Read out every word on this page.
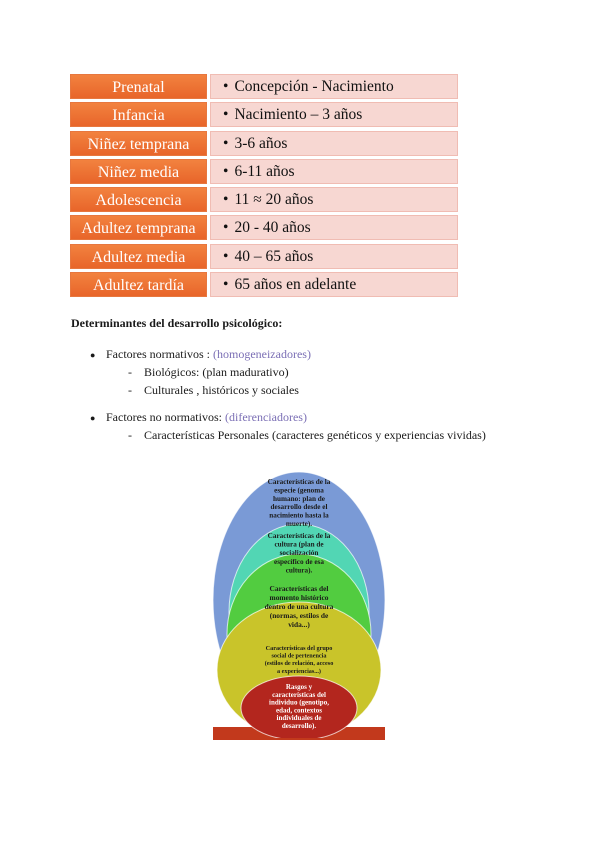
Prenatal	• Concepción - Nacimiento
Infancia	• Nacimiento – 3 años
Niñez temprana	• 3-6 años
Niñez media	• 6-11 años
Adolescencia	• 11 ≈ 20 años
Adultez temprana	• 20 - 40 años
Adultez media	• 40 – 65 años
Adultez tardía	• 65 años en adelante
Determinantes del desarrollo psicológico:
● Factores normativos : (homogeneizadores)
-	Biológicos: (plan madurativo)
-	Culturales , históricos y sociales
● Factores no normativos: (diferenciadores)
-	Características Personales (caracteres genéticos y experiencias vividas)
Características de la especie (genoma humano: plan de desarrollo desde el nacimiento hasta la muerte).
Características de la cultura (plan de socialización específico de esa cultura).
Características del momento histórico dentro de una cultura (normas, estilos de vida...)
Características del grupo social de pertenencia (estilos de relación, acceso a experiencias...)
Rasgos y características del individuo (genotipo, edad, contextos individuales de desarrollo).
